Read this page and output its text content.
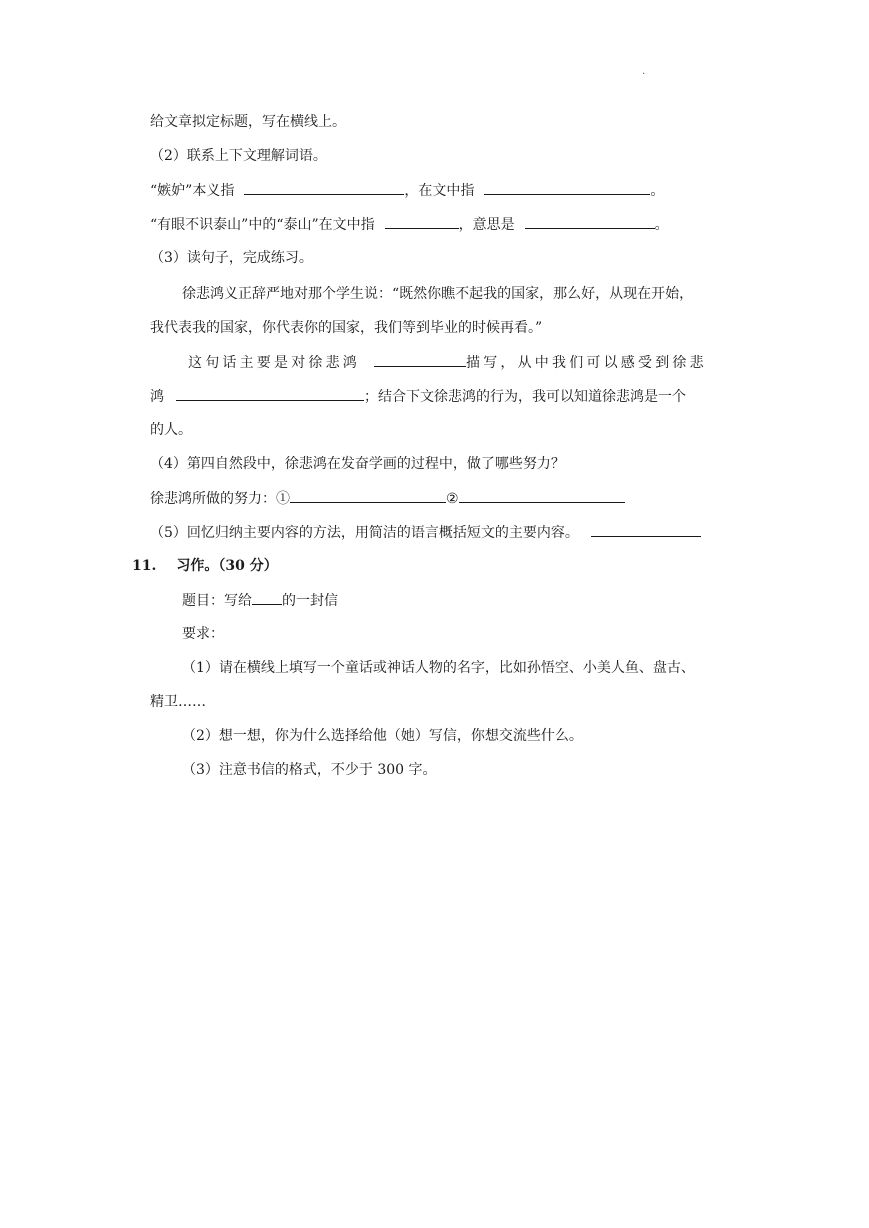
.
给文章拟定标题，写在横线上。
（2）联系上下文理解词语。
“嫉妒”本义指	，在文中指	。
“有眼不识泰山”中的“泰山”在文中指	，意思是	。
（3）读句子，完成练习。
徐悲鸿义正辞严地对那个学生说：“既然你瞧不起我的国家，那么好，从现在开始，
我代表我的国家，你代表你的国家，我们等到毕业的时候再看。”
这句话主要是对徐悲鸿	描写，从中我们可以感受到徐悲
鸿	；结合下文徐悲鸿的行为，我可以知道徐悲鸿是一个
的人。
（4）第四自然段中，徐悲鸿在发奋学画的过程中，做了哪些努力？
徐悲鸿所做的努力：①	②
（5）回忆归纳主要内容的方法，用简洁的语言概括短文的主要内容。
11. 习作。（30 分）
题目：写给 的一封信
要求：
（1）请在横线上填写一个童话或神话人物的名字，比如孙悟空、小美人鱼、盘古、
精卫……
（2）想一想，你为什么选择给他（她）写信，你想交流些什么。
（3）注意书信的格式，不少于 300 字。
